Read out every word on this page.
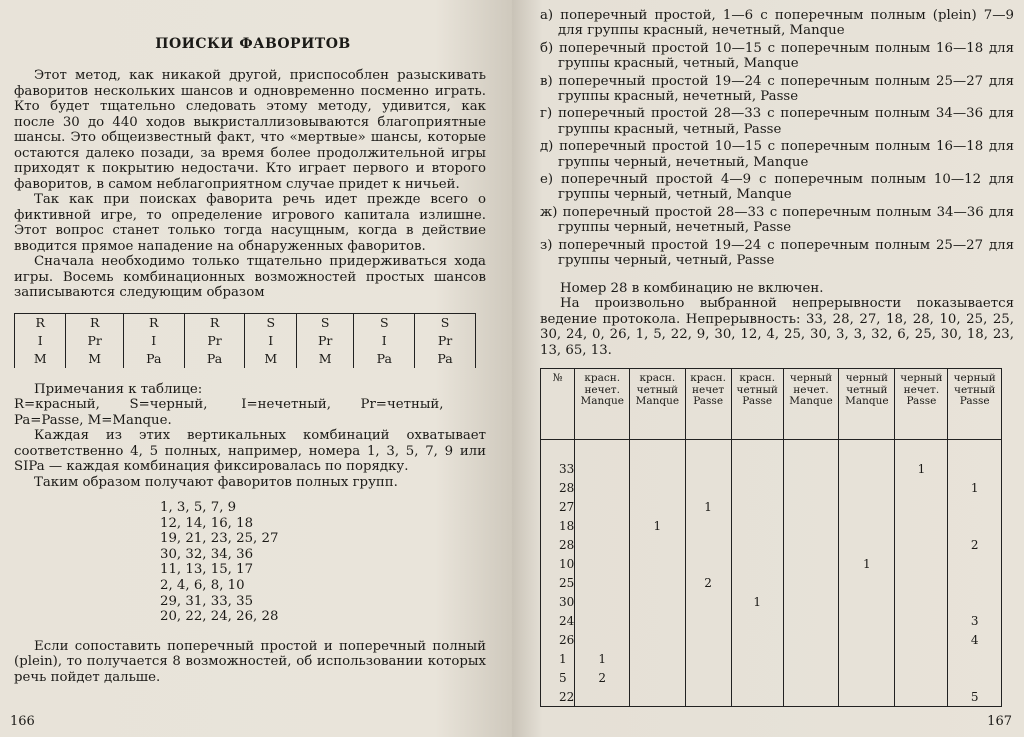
ПОИСКИ ФАВОРИТОВ

Этот метод, как никакой другой, приспособлен разыскивать фаворитов нескольких шансов и одновременно посменно играть. Кто будет тщательно следовать этому методу, удивится, как после 30 до 440 ходов выкристаллизовываются благоприятные шансы. Это общеизвестный факт, что «мертвые» шансы, которые остаются далеко позади, за время более продолжительной игры приходят к покрытию недостачи. Кто играет первого и второго фаворитов, в самом неблагоприятном случае придет к ничьей.

Так как при поисках фаворита речь идет прежде всего о фиктивной игре, то определение игрового капитала излишне. Этот вопрос станет только тогда насущным, когда в действие вводится прямое нападение на обнаруженных фаворитов.

Сначала необходимо только тщательно придерживаться хода игры. Восемь комбинационных возможностей простых шансов записываются следующим образом

R	R	R	R	S	S	S	S
I	Pr	I	Pr	I	Pr	I	Pr
M	M	Pa	Pa	M	M	Pa	Pa
Примечания к таблице:
R=красный,       S=черный,        I=нечетный,       Pr=четный,
Pa=Passe, M=Manque.

Каждая из этих вертикальных комбинаций охватывает соответственно 4, 5 полных, например, номера 1, 3, 5, 7, 9 или SIPa — каждая комбинация фиксировалась по порядку.

Таким образом получают фаворитов полных групп.

1, 3, 5, 7, 9
12, 14, 16, 18
19, 21, 23, 25, 27
30, 32, 34, 36
11, 13, 15, 17
2, 4, 6, 8, 10
29, 31, 33, 35
20, 22, 24, 26, 28

Если сопоставить поперечный простой и поперечный полный (plein), то получается 8 возможностей, об использовании которых речь пойдет дальше.

166
а) поперечный простой, 1—6 с поперечным полным (plein) 7—9 для группы красный, нечетный, Manque
б) поперечный простой 10—15 с поперечным полным 16—18 для группы красный, четный, Manque
в) поперечный простой 19—24 с поперечным полным 25—27 для группы красный, нечетный, Passe
г) поперечный простой 28—33 с поперечным полным 34—36 для группы красный, четный, Passe
д) поперечный простой 10—15 с поперечным полным 16—18 для группы черный, нечетный, Manque
е) поперечный простой 4—9 с поперечным полным 10—12 для группы черный, четный, Manque
ж) поперечный простой 28—33 с поперечным полным 34—36 для группы черный, нечетный, Passe
з) поперечный простой 19—24 с поперечным полным 25—27 для группы черный, четный, Passe

Номер 28 в комбинацию не включен.

На произвольно выбранной непрерывности показывается ведение протокола. Непрерывность: 33, 28, 27, 18, 28, 10, 25, 25, 30, 24, 0, 26, 1, 5, 22, 9, 30, 12, 4, 25, 30, 3, 3, 32, 6, 25, 30, 18, 23, 13, 65, 13.

№	красн. нечет. Manque	красн. четный Manque	красн. нечет Passe	красн. четный Passe	черный нечет. Manque	черный четный Manque	черный нечет. Passe	черный четный Passe

33							1	
28								1
27			1					
18		1						
28								2
10						1		
25			2					
30				1				
24								3
26								4
1	1							
5	2							
22								5
167
